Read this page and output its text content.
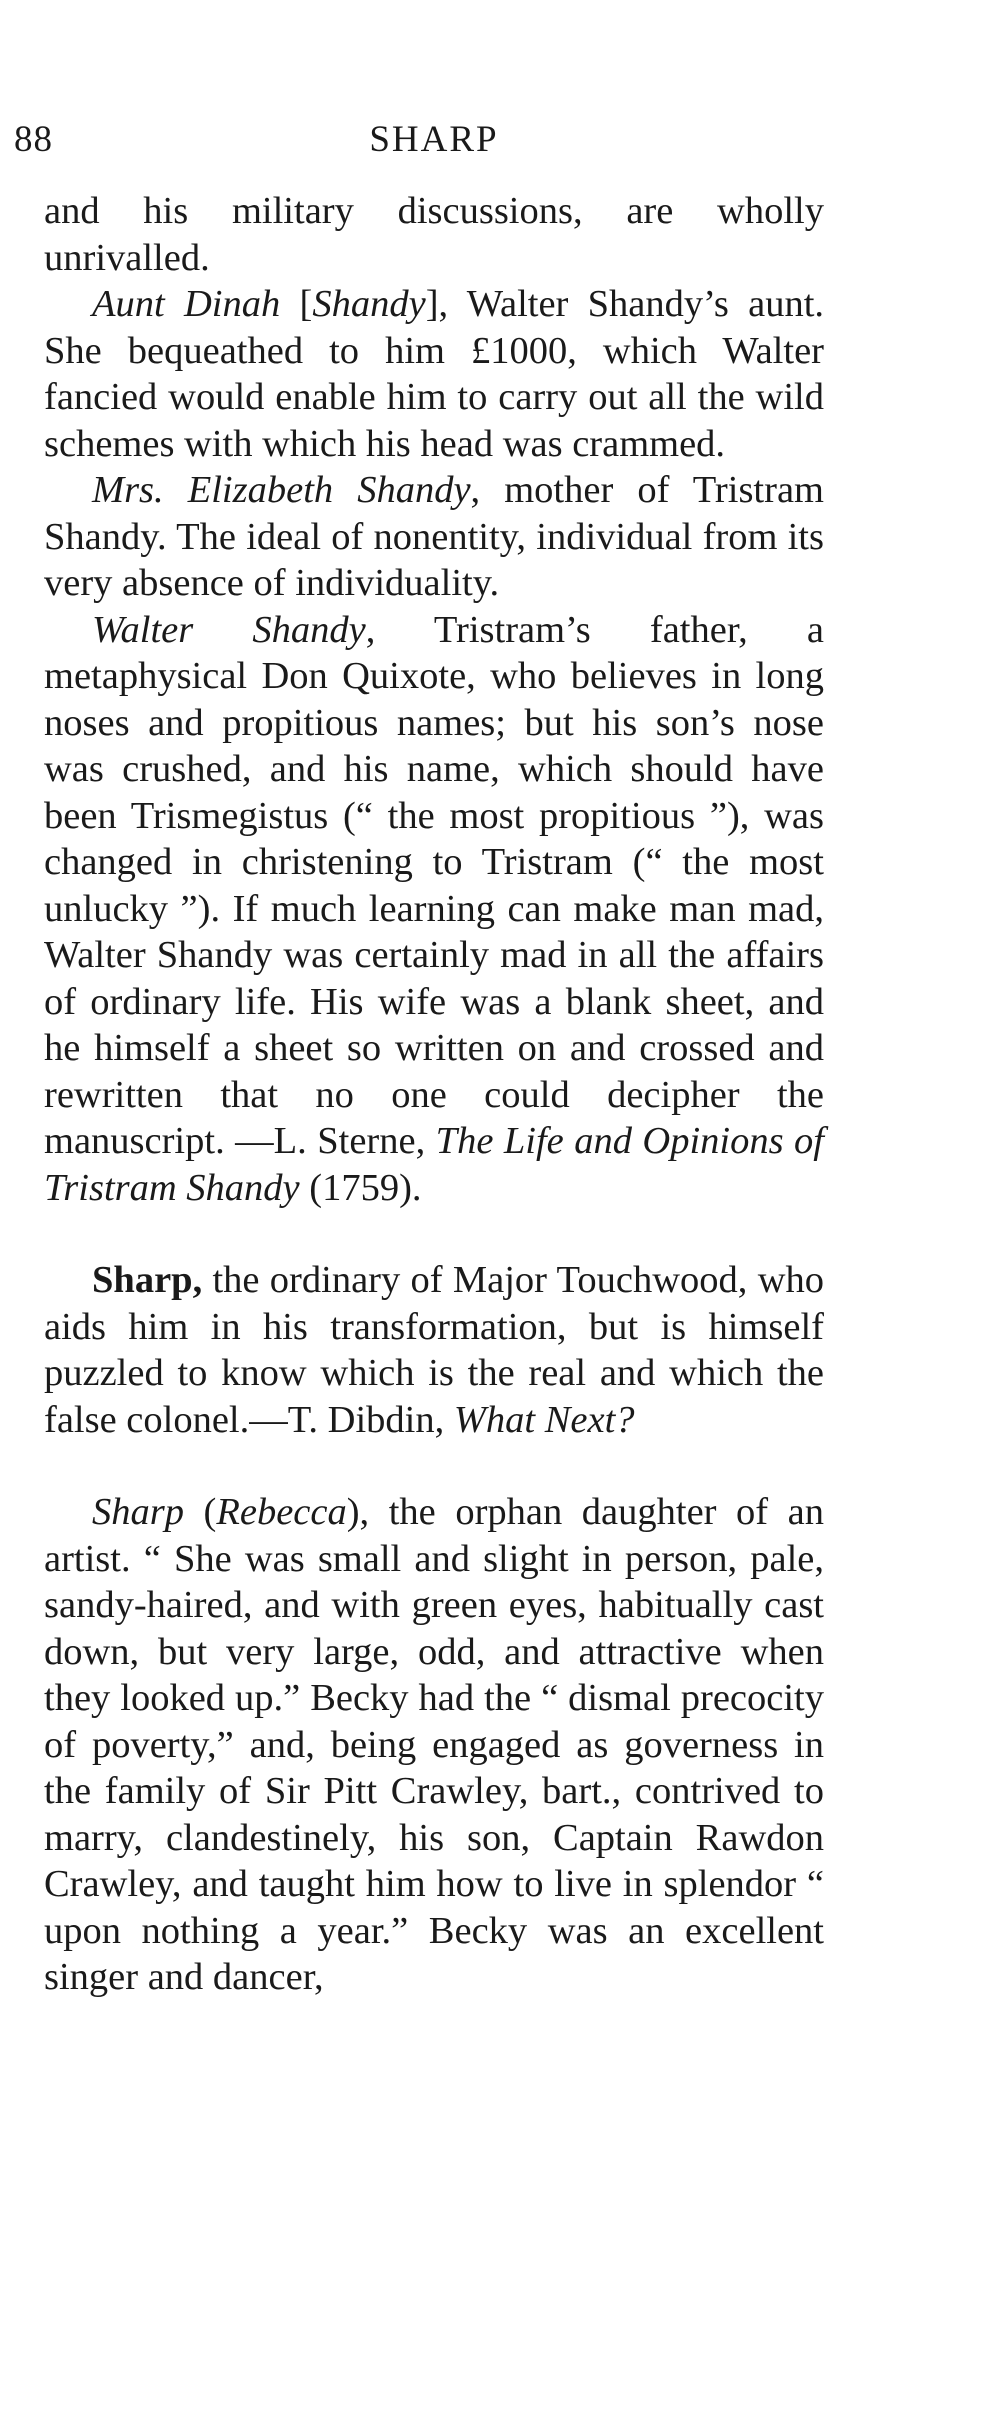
88	SHARP

and his military discussions, are wholly unrivalled.

Aunt Dinah [Shandy], Walter Shandy’s aunt. She bequeathed to him £1000, which Walter fancied would enable him to carry out all the wild schemes with which his head was crammed.

Mrs. Elizabeth Shandy, mother of Tristram Shandy. The ideal of nonentity, individual from its very absence of individuality.

Walter Shandy, Tristram’s father, a metaphysical Don Quixote, who believes in long noses and propitious names; but his son’s nose was crushed, and his name, which should have been Trismegistus (“ the most propitious ”), was changed in christening to Tristram (“ the most unlucky ”). If much learning can make man mad, Walter Shandy was certainly mad in all the affairs of ordinary life. His wife was a blank sheet, and he himself a sheet so written on and crossed and rewritten that no one could decipher the manuscript. —L. Sterne, The Life and Opinions of Tristram Shandy (1759).

Sharp, the ordinary of Major Touchwood, who aids him in his transformation, but is himself puzzled to know which is the real and which the false colonel.—T. Dibdin, What Next?

Sharp (Rebecca), the orphan daughter of an artist. “ She was small and slight in person, pale, sandy-haired, and with green eyes, habitually cast down, but very large, odd, and attractive when they looked up.” Becky had the “ dismal precocity of poverty,” and, being engaged as governess in the family of Sir Pitt Crawley, bart., contrived to marry, clandestinely, his son, Captain Rawdon Crawley, and taught him how to live in splendor “ upon nothing a year.” Becky was an excellent singer and dancer,
